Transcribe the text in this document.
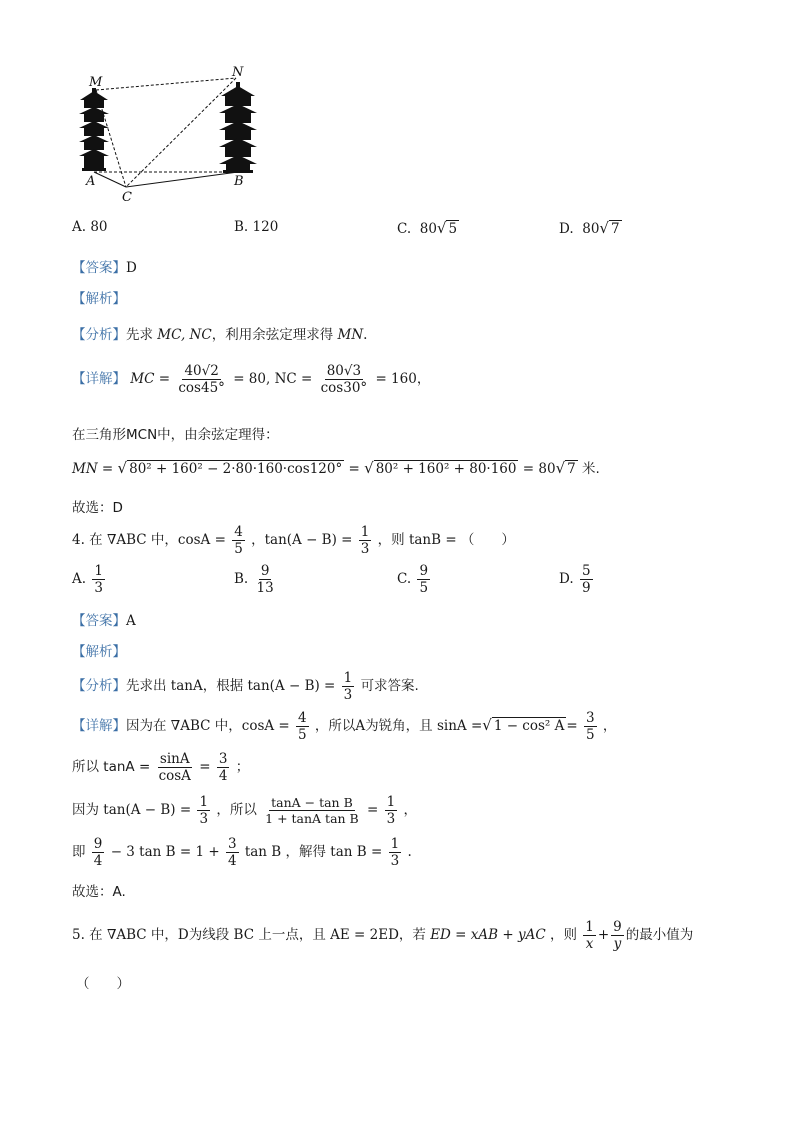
M
N
A	B
C
A. 80	B. 120	C. 80√ 5	D. 80√ 7
【答案】D
【解析】
【分析】先求 MC, NC，利用余弦定理求得 MN.
【详解】 MC = $\frac{40√2}{\cos 45^\circ} = 80$, NC = $\frac{80√3}{\cos 30^\circ} = 160$，
在三角形MCN中，由余弦定理得：
MN = √ 80² + 160² − 2·80·160·cos120° = √ 80² + 160² + 80·160 = 80√ 7 米.
故选：D
4. 在 ∇ABC 中，$\cos A = \frac{4}{5}$ ，$\tan(A - B) = \frac{1}{3}$ ，则 tanB = （　　）
A. $\frac{1}{3}$	B. $\frac{9}{13}$	C. $\frac{9}{5}$	D. $\frac{5}{9}$
【答案】A
【解析】
【分析】先求出 tanA，根据 $\tan(A - B) = \frac{1}{3}$ 可求答案.
【详解】因为在 ∇ABC 中，$\cos A = \frac{4}{5}$ ，所以A为锐角，且 sinA =√ 1 − cos² $A = \frac{3}{5}$ ，
所以 $\tan A = \frac{\sin A}{\cos A} = \frac{3}{4}$ ；
因为 $\tan(A - B) = \frac{1}{3}$ ，所以 $\frac{\text{tanA − tan B}}{\text{1 + tanA tan B}} = \frac{1}{3}$ ，
即 $\frac{9}{4} - 3$ $\tan B = 1 + \frac{3}{4}$ tan B ，解得 $\tan B = \frac{1}{3}$ .
故选：A.
5. 在 ∇ABC 中，D为线段 BC 上一点，且 AE = 2ED，若 ED = xAB + yAC ，则 $\frac{1}{x} + \frac{9}{y}$ 的最小值为
（　　）
